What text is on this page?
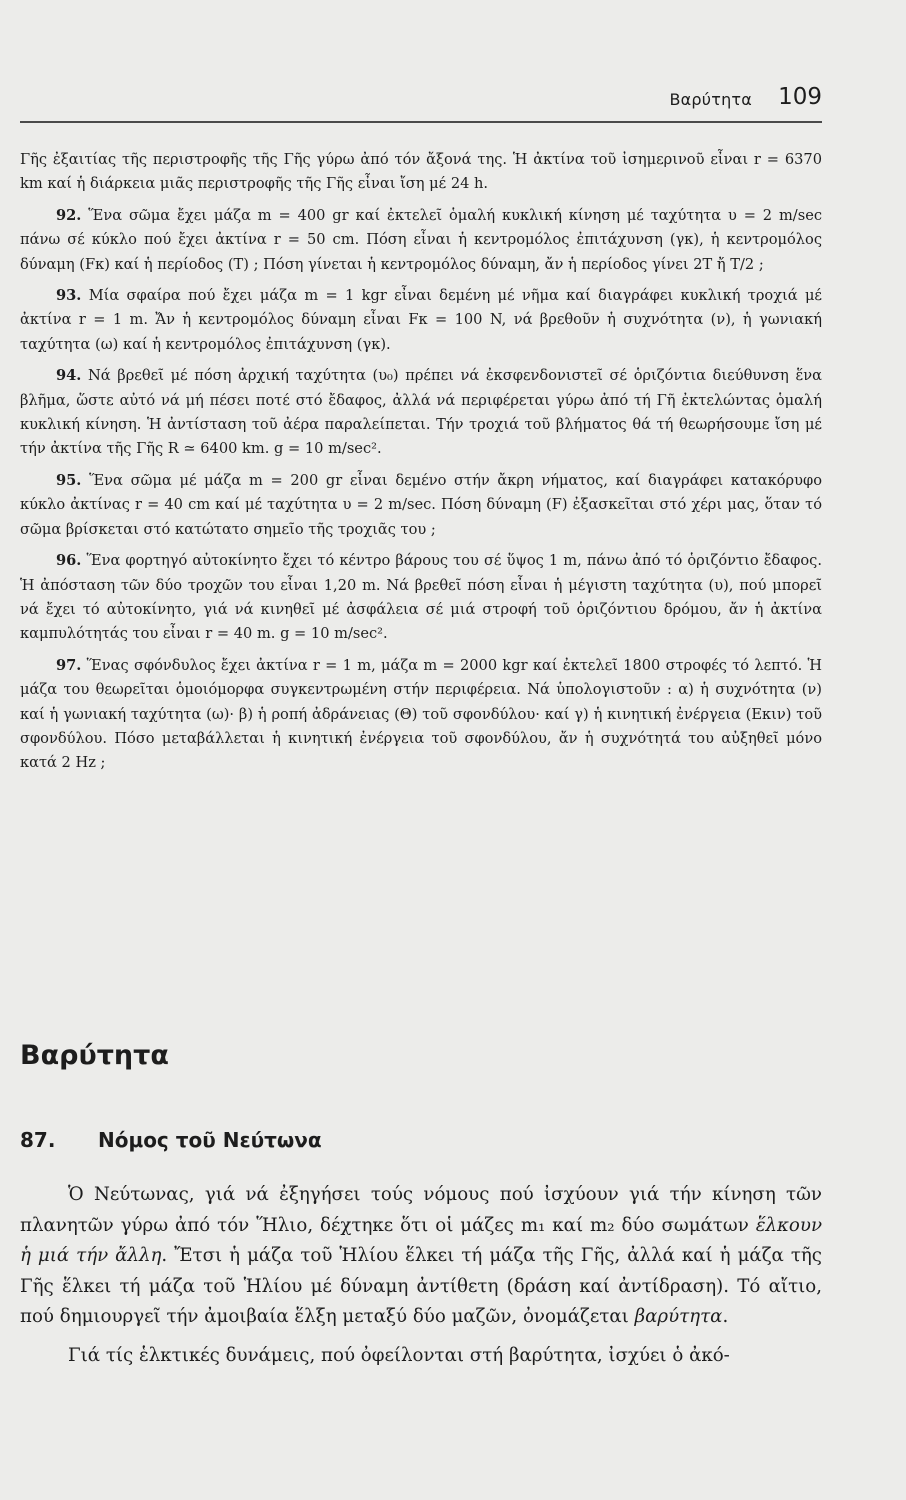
Βαρύτητα 109

Γῆς ἐξαιτίας τῆς περιστροφῆς τῆς Γῆς γύρω ἀπό τόν ἄξονά της. Ἡ ἀκτίνα τοῦ ἰσημερινοῦ εἶναι r = 6370 km καί ἡ διάρκεια μιᾶς περιστροφῆς τῆς Γῆς εἶναι ἴση μέ 24 h.

92. Ἕνα σῶμα ἔχει μάζα m = 400 gr καί ἐκτελεῖ ὁμαλή κυκλική κίνηση μέ ταχύτητα υ = 2 m/sec πάνω σέ κύκλο πού ἔχει ἀκτίνα r = 50 cm. Πόση εἶναι ἡ κεντρομόλος ἐπιτάχυνση (γκ), ἡ κεντρομόλος δύναμη (Fκ) καί ἡ περίοδος (T) ; Πόση γίνεται ἡ κεντρομόλος δύναμη, ἄν ἡ περίοδος γίνει 2T ἤ T/2 ;

93. Μία σφαίρα πού ἔχει μάζα m = 1 kgr εἶναι δεμένη μέ νῆμα καί διαγράφει κυκλική τροχιά μέ ἀκτίνα r = 1 m. Ἄν ἡ κεντρομόλος δύναμη εἶναι Fκ = 100 N, νά βρεθοῦν ἡ συχνότητα (ν), ἡ γωνιακή ταχύτητα (ω) καί ἡ κεντρομόλος ἐπιτάχυνση (γκ).

94. Νά βρεθεῖ μέ πόση ἀρχική ταχύτητα (υ₀) πρέπει νά ἐκσφενδονιστεῖ σέ ὁριζόντια διεύθυνση ἕνα βλῆμα, ὥστε αὐτό νά μή πέσει ποτέ στό ἔδαφος, ἀλλά νά περιφέρεται γύρω ἀπό τή Γῆ ἐκτελώντας ὁμαλή κυκλική κίνηση. Ἡ ἀντίσταση τοῦ ἀέρα παραλείπεται. Τήν τροχιά τοῦ βλήματος θά τή θεωρήσουμε ἴση μέ τήν ἀκτίνα τῆς Γῆς R ≃ 6400 km. g = 10 m/sec².

95. Ἕνα σῶμα μέ μάζα m = 200 gr εἶναι δεμένο στήν ἄκρη νήματος, καί διαγράφει κατακόρυφο κύκλο ἀκτίνας r = 40 cm καί μέ ταχύτητα υ = 2 m/sec. Πόση δύναμη (F) ἐξασκεῖται στό χέρι μας, ὅταν τό σῶμα βρίσκεται στό κατώτατο σημεῖο τῆς τροχιᾶς του ;

96. Ἕνα φορτηγό αὐτοκίνητο ἔχει τό κέντρο βάρους του σέ ὕψος 1 m, πάνω ἀπό τό ὁριζόντιο ἔδαφος. Ἡ ἀπόσταση τῶν δύο τροχῶν του εἶναι 1,20 m. Νά βρεθεῖ πόση εἶναι ἡ μέγιστη ταχύτητα (υ), πού μπορεῖ νά ἔχει τό αὐτοκίνητο, γιά νά κινηθεῖ μέ ἀσφάλεια σέ μιά στροφή τοῦ ὁριζόντιου δρόμου, ἄν ἡ ἀκτίνα καμπυλότητάς του εἶναι r = 40 m. g = 10 m/sec².

97. Ἕνας σφόνδυλος ἔχει ἀκτίνα r = 1 m, μάζα m = 2000 kgr καί ἐκτελεῖ 1800 στροφές τό λεπτό. Ἡ μάζα του θεωρεῖται ὁμοιόμορφα συγκεντρωμένη στήν περιφέρεια. Νά ὑπολογιστοῦν : α) ἡ συχνότητα (ν) καί ἡ γωνιακή ταχύτητα (ω)· β) ἡ ροπή ἀδράνειας (Θ) τοῦ σφονδύλου· καί γ) ἡ κινητική ἐνέργεια (Eκιν) τοῦ σφονδύλου. Πόσο μεταβάλλεται ἡ κινητική ἐνέργεια τοῦ σφονδύλου, ἄν ἡ συχνότητά του αὐξηθεῖ μόνο κατά 2 Hz ;

Βαρύτητα
87. Νόμος τοῦ Νεύτωνα

Ὁ Νεύτωνας, γιά νά ἐξηγήσει τούς νόμους πού ἰσχύουν γιά τήν κίνηση τῶν πλανητῶν γύρω ἀπό τόν Ἥλιο, δέχτηκε ὅτι οἱ μάζες m₁ καί m₂ δύο σωμάτων ἕλκουν ἡ μιά τήν ἄλλη. Ἔτσι ἡ μάζα τοῦ Ἡλίου ἕλκει τή μάζα τῆς Γῆς, ἀλλά καί ἡ μάζα τῆς Γῆς ἕλκει τή μάζα τοῦ Ἡλίου μέ δύναμη ἀντίθετη (δράση καί ἀντίδραση). Τό αἴτιο, πού δημιουργεῖ τήν ἀμοιβαία ἕλξη μεταξύ δύο μαζῶν, ὀνομάζεται βαρύτητα.

Γιά τίς ἑλκτικές δυνάμεις, πού ὀφείλονται στή βαρύτητα, ἰσχύει ὁ ἀκό-
